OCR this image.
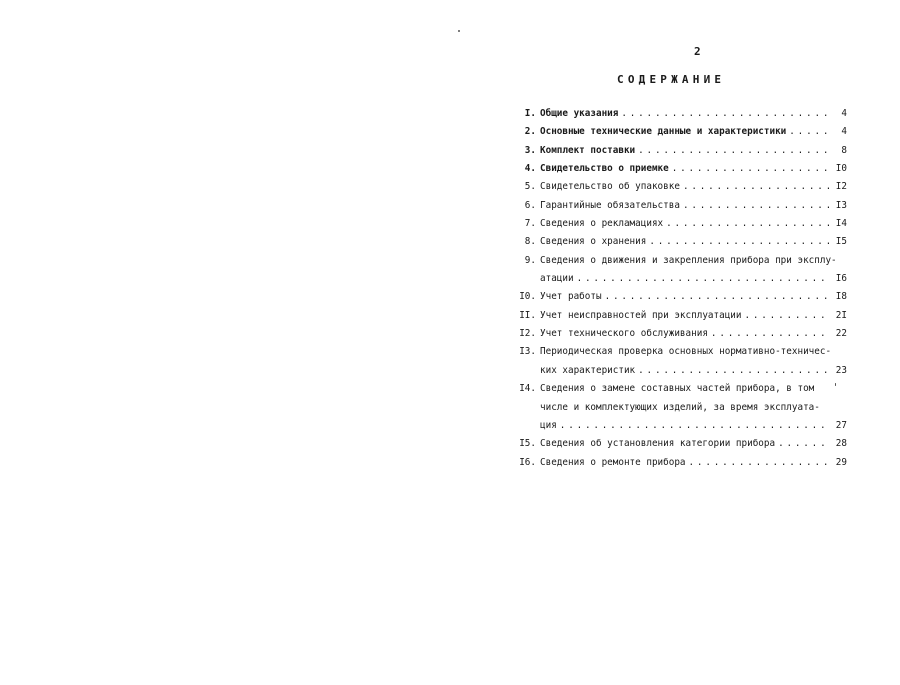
2
СОДЕРЖАНИЕ
I. Общие указания . . .	4
2. Основные технические данные и характеристики . . .	4
3. Комплект поставки . . .	8
4. Свидетельство о приемке . . .	I0
5. Свидетельство об упаковке . . .	I2
6. Гарантийные обязательства . . .	I3
7. Сведения о рекламациях . . .	I4
8. Сведения о хранения . . .	I5
9. Сведения о движения и закрепления прибора при эксплу-
атации . . .	I6
I0. Учет работы . . .	I8
II. Учет неисправностей при эксплуатации . . .	2I
I2. Учет технического обслуживания . . .	22
I3. Периодическая проверка основных нормативно-техничес-
ких характеристик . . .	23
I4. Сведения о замене составных частей прибора, в том
числе и комплектующих изделий, за время эксплуата-
ция . . .	27
I5. Сведения об установления категории прибора . . .	28
I6. Сведения о ремонте прибора . . .	29
